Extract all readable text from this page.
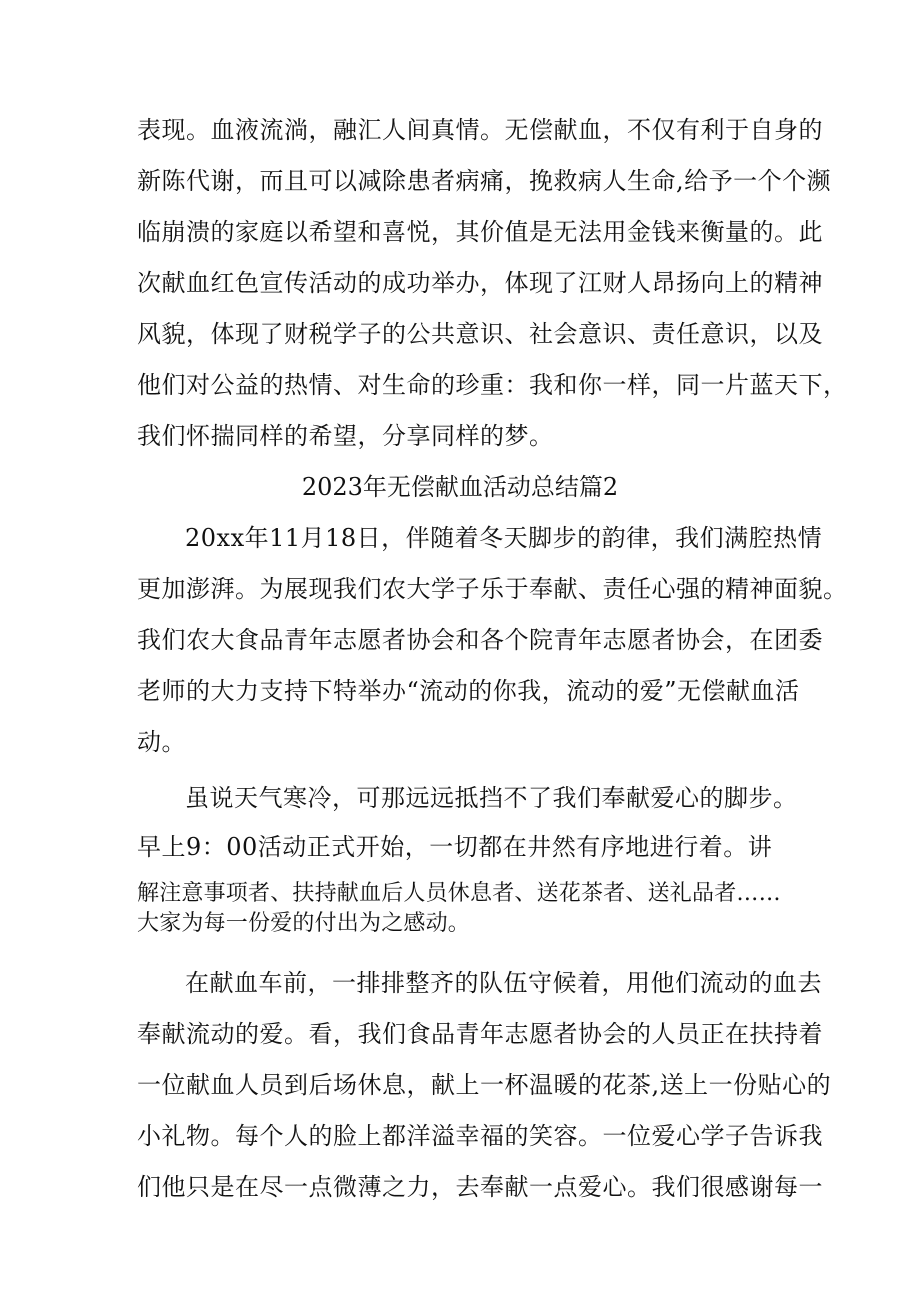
表现。血液流淌，融汇人间真情。无偿献血，不仅有利于自身的
新陈代谢，而且可以减除患者病痛，挽救病人生命,给予一个个濒
临崩溃的家庭以希望和喜悦，其价值是无法用金钱来衡量的。此
次献血红色宣传活动的成功举办，体现了江财人昂扬向上的精神
风貌，体现了财税学子的公共意识、社会意识、责任意识，以及
他们对公益的热情、对生命的珍重：我和你一样，同一片蓝天下，
我们怀揣同样的希望，分享同样的梦。
2023年无偿献血活动总结篇2
20xx年11月18日，伴随着冬天脚步的韵律，我们满腔热情
更加澎湃。为展现我们农大学子乐于奉献、责任心强的精神面貌。
我们农大食品青年志愿者协会和各个院青年志愿者协会，在团委
老师的大力支持下特举办“流动的你我，流动的爱”无偿献血活
动。
虽说天气寒冷，可那远远抵挡不了我们奉献爱心的脚步。
早上9：00活动正式开始，一切都在井然有序地进行着。讲
解注意事项者、扶持献血后人员休息者、送花茶者、送礼品者……
大家为每一份爱的付出为之感动。
在献血车前，一排排整齐的队伍守候着，用他们流动的血去
奉献流动的爱。看，我们食品青年志愿者协会的人员正在扶持着
一位献血人员到后场休息，献上一杯温暖的花茶,送上一份贴心的
小礼物。每个人的脸上都洋溢幸福的笑容。一位爱心学子告诉我
们他只是在尽一点微薄之力，去奉献一点爱心。我们很感谢每一
